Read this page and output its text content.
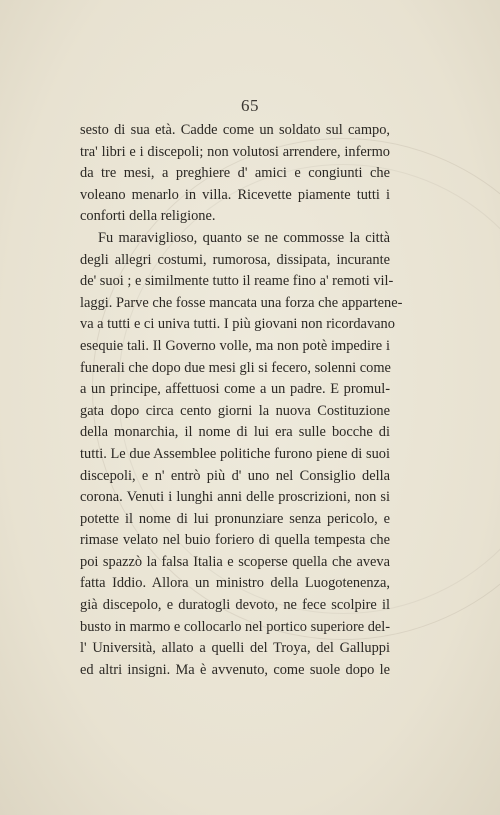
65
sesto di sua età. Cadde come un soldato sul campo,
tra' libri e i discepoli; non volutosi arrendere, infermo
da tre mesi, a preghiere d' amici e congiunti che
voleano menarlo in villa. Ricevette piamente tutti i
conforti della religione.
Fu maraviglioso, quanto se ne commosse la città
degli allegri costumi, rumorosa, dissipata, incurante
de' suoi ; e similmente tutto il reame fino a' remoti vil-
laggi. Parve che fosse mancata una forza che appartene-
va a tutti e ci univa tutti. I più giovani non ricordavano
esequie tali. Il Governo volle, ma non potè impedire i
funerali che dopo due mesi gli si fecero, solenni come
a un principe, affettuosi come a un padre. E promul-
gata dopo circa cento giorni la nuova Costituzione
della monarchia, il nome di lui era sulle bocche di
tutti. Le due Assemblee politiche furono piene di suoi
discepoli, e n' entrò più d' uno nel Consiglio della
corona. Venuti i lunghi anni delle proscrizioni, non si
potette il nome di lui pronunziare senza pericolo, e
rimase velato nel buio foriero di quella tempesta che
poi spazzò la falsa Italia e scoperse quella che aveva
fatta Iddio. Allora un ministro della Luogotenenza,
già discepolo, e duratogli devoto, ne fece scolpire il
busto in marmo e collocarlo nel portico superiore del-
l' Università, allato a quelli del Troya, del Galluppi
ed altri insigni. Ma è avvenuto, come suole dopo le
